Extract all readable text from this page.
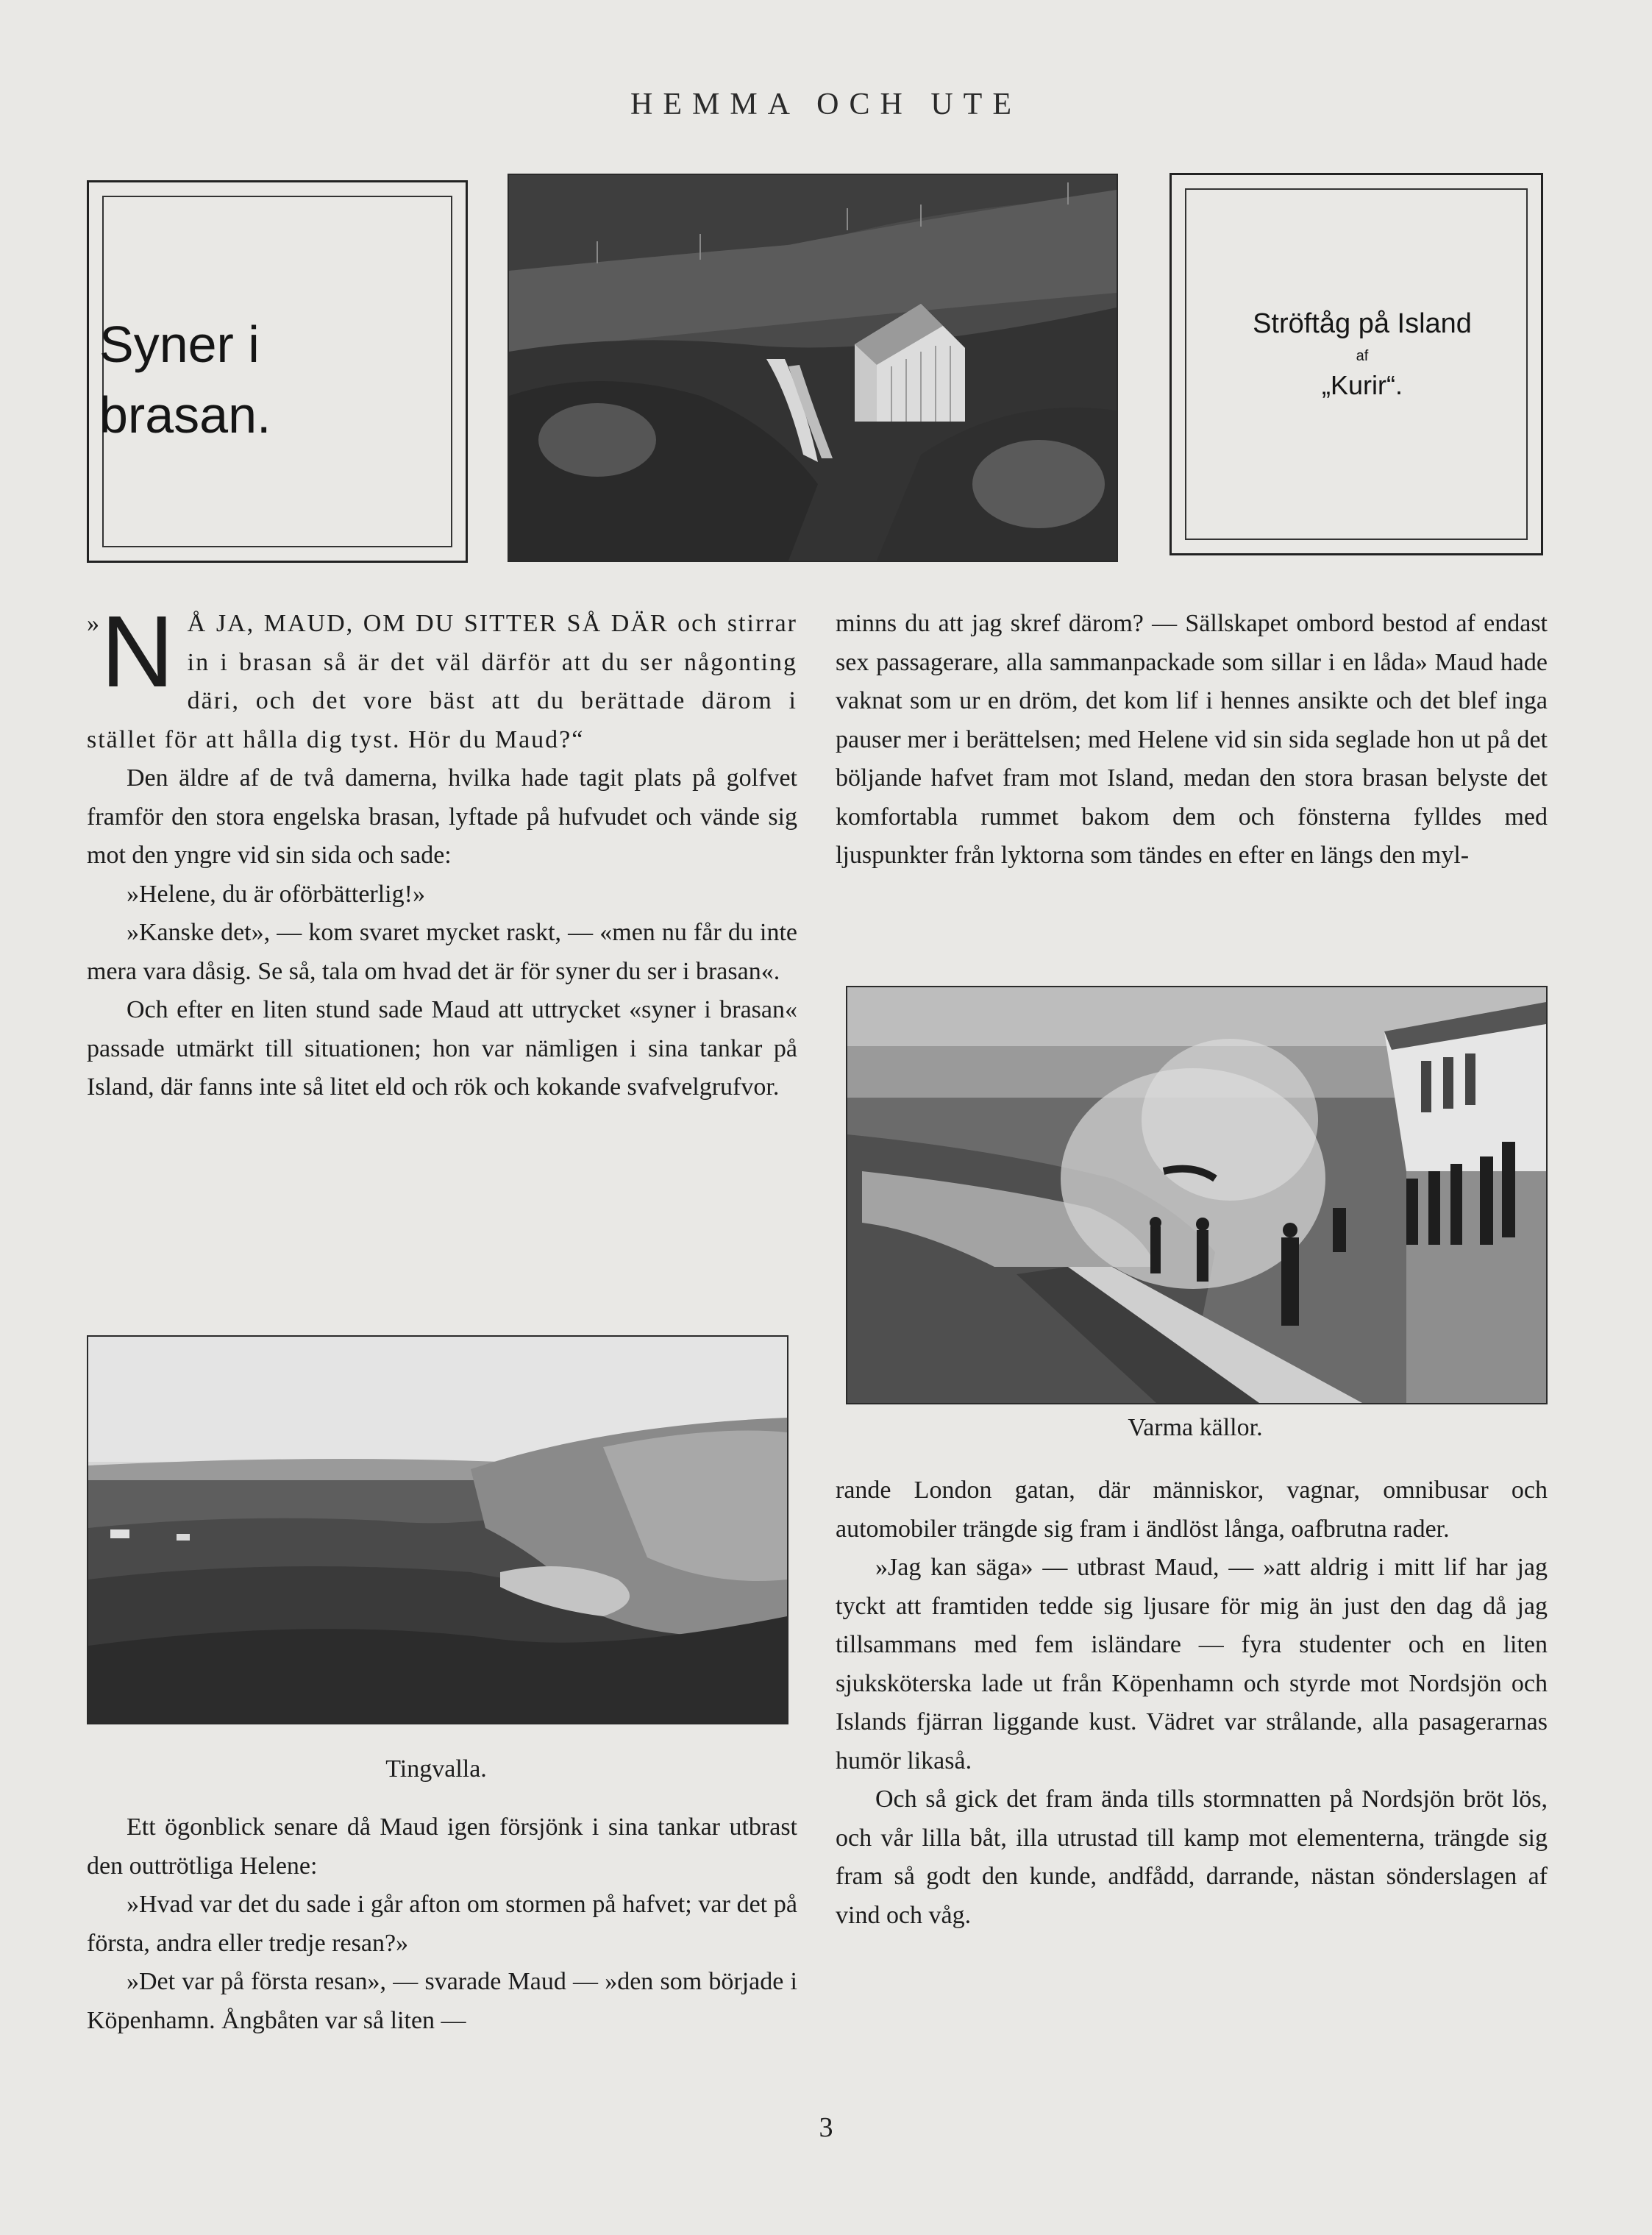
HEMMA OCH UTE
Syner i
brasan.
Ströftåg på Island
af
„Kurir“.

» N Å JA, MAUD, OM DU SITTER SÅ DÄR och stirrar in i brasan så är det väl därför att du ser någonting däri, och det vore bäst att du berättade därom i stället för att hålla dig tyst. Hör du Maud?“

Den äldre af de två damerna, hvilka hade tagit plats på golfvet framför den stora engelska brasan, lyftade på hufvudet och vände sig mot den yngre vid sin sida och sade:

»Helene, du är oförbätterlig!»

»Kanske det», — kom svaret mycket raskt, — «men nu får du inte mera vara dåsig. Se så, tala om hvad det är för syner du ser i brasan«.

Och efter en liten stund sade Maud att uttrycket «syner i brasan« passade utmärkt till situationen; hon var nämligen i sina tankar på Island, där fanns inte så litet eld och rök och kokande svafvelgrufvor.

Tingvalla.

Ett ögonblick senare då Maud igen försjönk i sina tankar utbrast den outtrötliga Helene:

»Hvad var det du sade i går afton om stormen på hafvet; var det på första, andra eller tredje resan?»

»Det var på första resan», — svarade Maud — »den som började i Köpenhamn. Ångbåten var så liten —

minns du att jag skref därom? — Sällskapet ombord bestod af endast sex passagerare, alla sammanpackade som sillar i en låda» Maud hade vaknat som ur en dröm, det kom lif i hennes ansikte och det blef inga pauser mer i berättelsen; med Helene vid sin sida seglade hon ut på det böljande hafvet fram mot Island, medan den stora brasan belyste det komfortabla rummet bakom dem och fönsterna fylldes med ljuspunkter från lyktorna som tändes en efter en längs den myl-

Varma källor.

rande London gatan, där människor, vagnar, omnibusar och automobiler trängde sig fram i ändlöst långa, oafbrutna rader.

»Jag kan säga» — utbrast Maud, — »att aldrig i mitt lif har jag tyckt att framtiden tedde sig ljusare för mig än just den dag då jag tillsammans med fem isländare — fyra studenter och en liten sjuksköterska lade ut från Köpenhamn och styrde mot Nordsjön och Islands fjärran liggande kust. Vädret var strålande, alla pasagerarnas humör likaså.

Och så gick det fram ända tills stormnatten på Nordsjön bröt lös, och vår lilla båt, illa utrustad till kamp mot elementerna, trängde sig fram så godt den kunde, andfådd, darrande, nästan sönderslagen af vind och våg.

3
